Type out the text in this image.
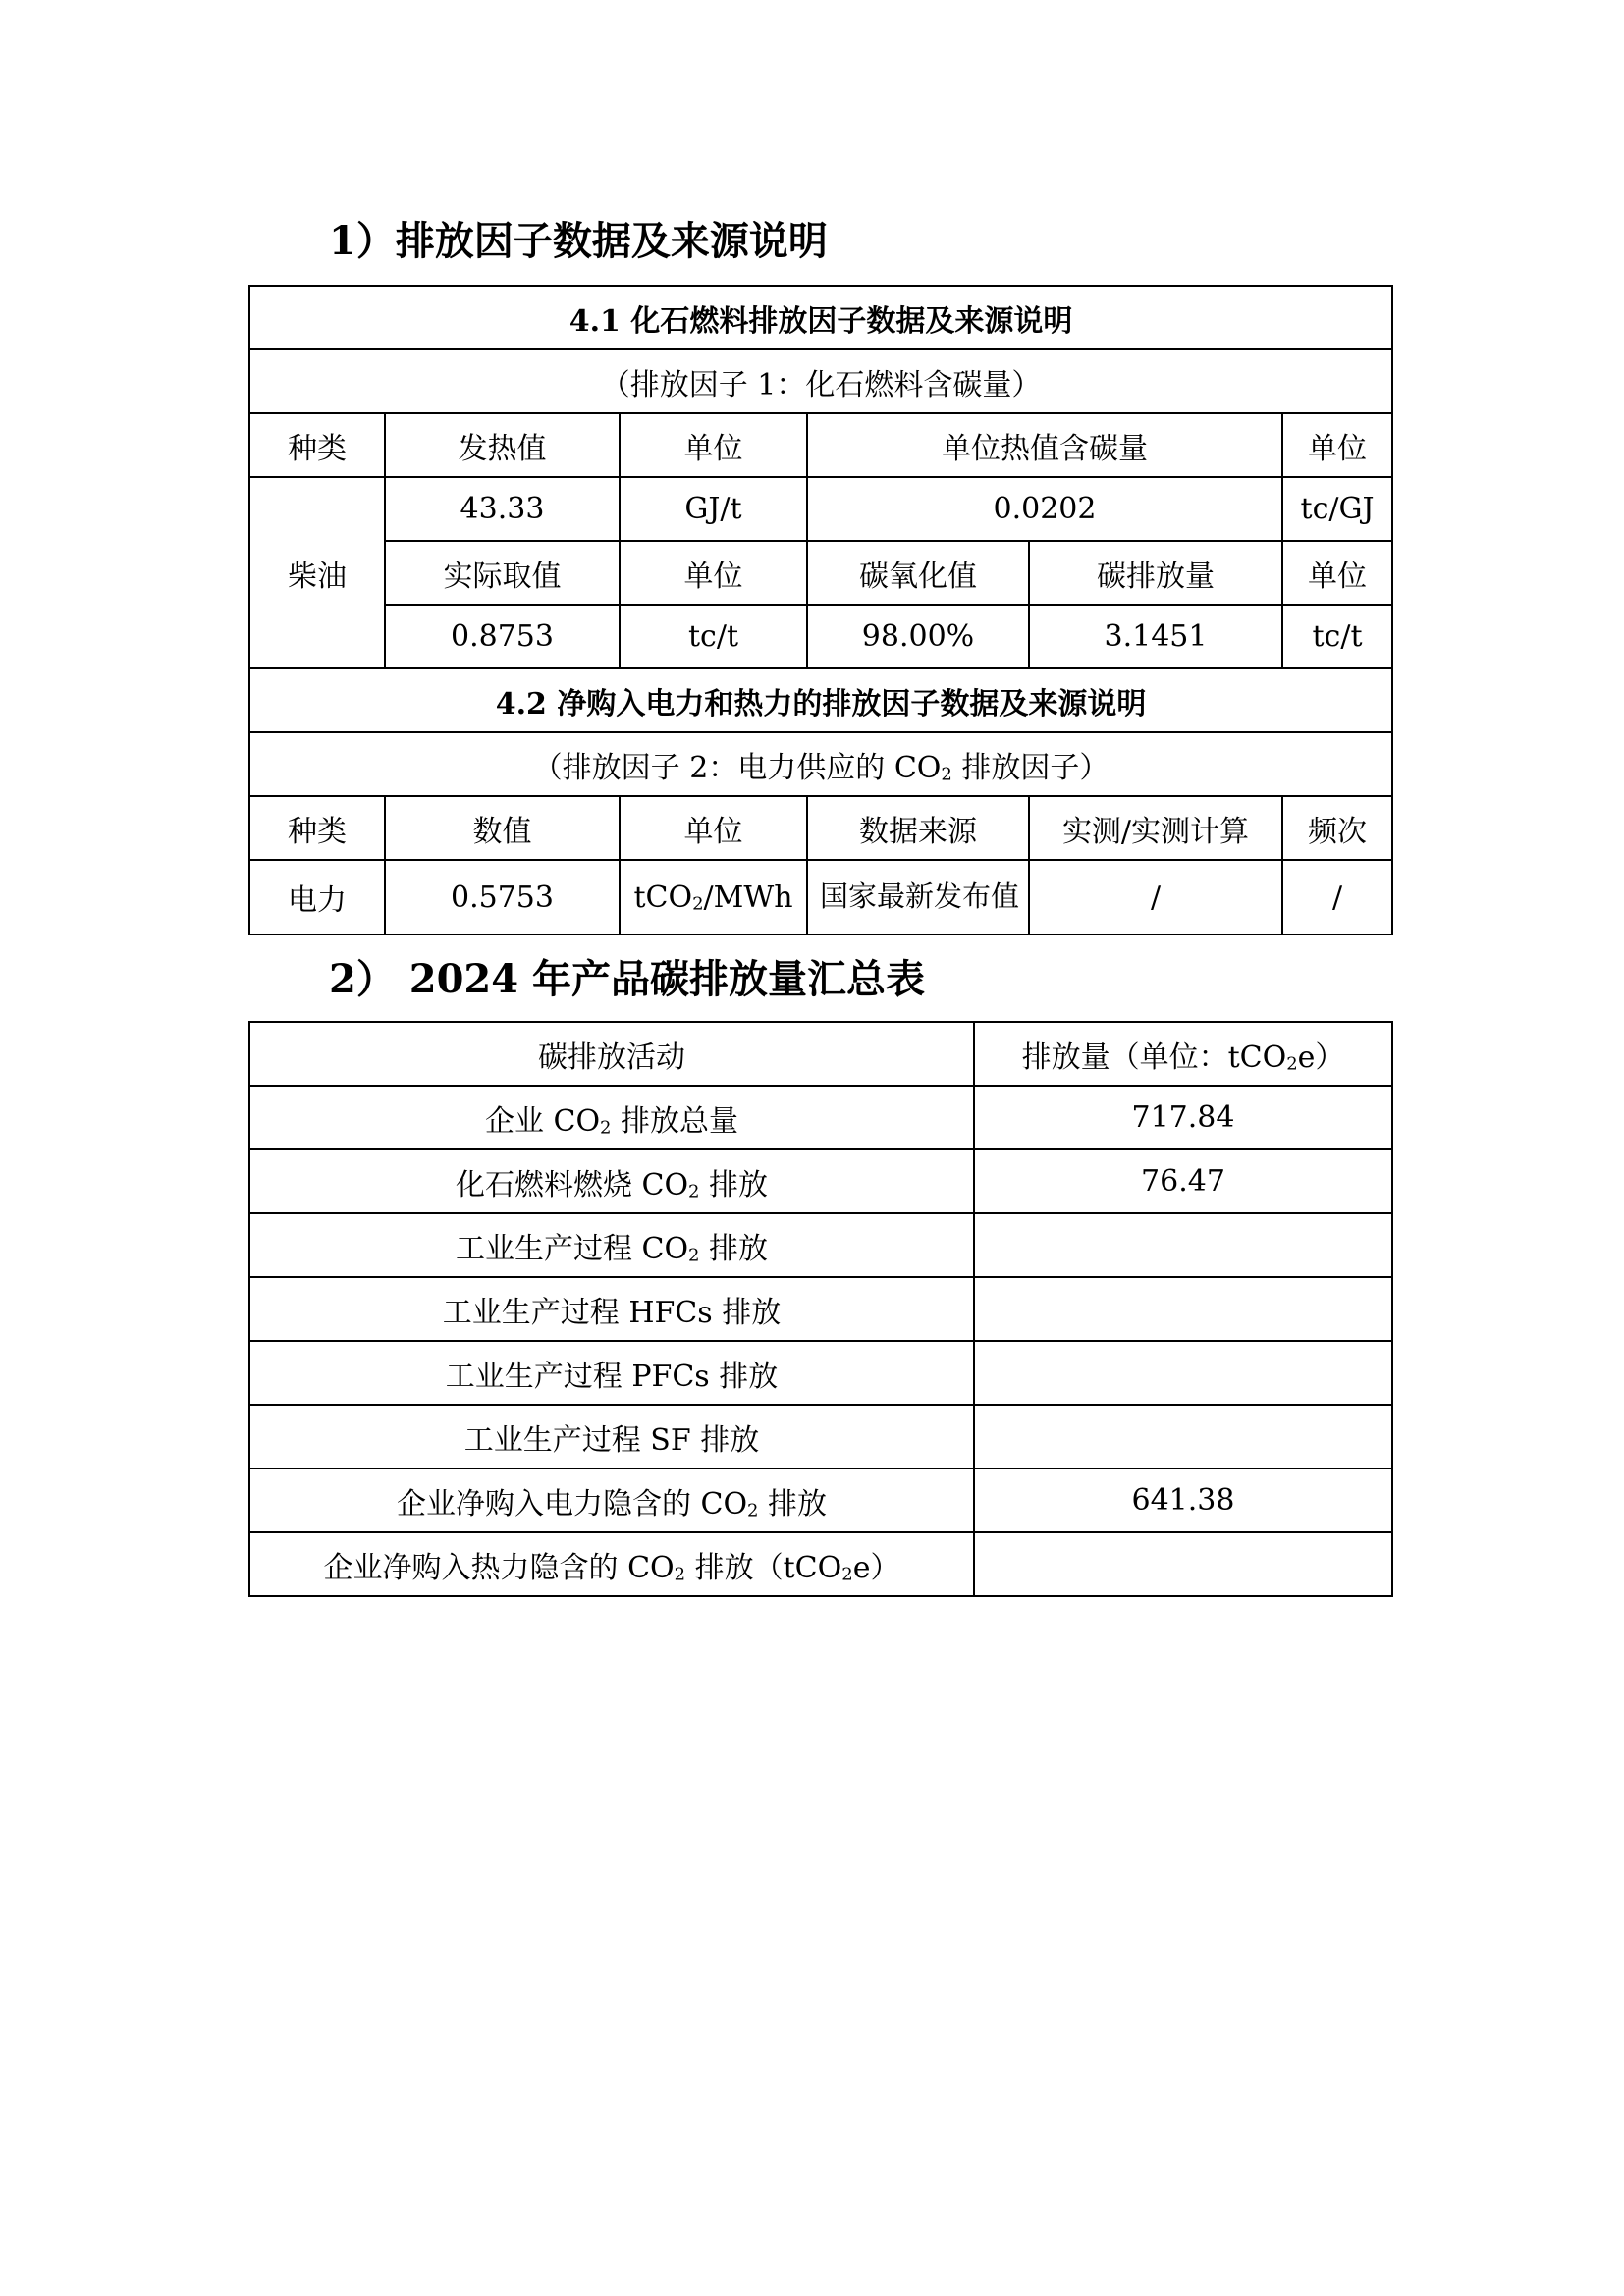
1）排放因子数据及来源说明
4.1 化石燃料排放因子数据及来源说明					
（排放因子 1：化石燃料含碳量）					
种类	发热值	单位	单位热值含碳量		单位
柴油	43.33	GJ/t	0.0202		tc/GJ
	实际取值	单位	碳氧化值	碳排放量	单位
	0.8753	tc/t	98.00%	3.1451	tc/t
4.2 净购入电力和热力的排放因子数据及来源说明					
（排放因子 2：电力供应的 $CO_2$ 排放因子）					
种类	数值	单位	数据来源	实测/实测计算	频次
电力	0.5753	tCO$_2$/MWh	国家最新发布值	/	/
2） 2024 年产品碳排放量汇总表
碳排放活动	排放量（单位：tCO$_2$e）
企业 $CO_2$ 排放总量	717.84
化石燃料燃烧 $CO_2$ 排放	76.47
工业生产过程 $CO_2$ 排放	
工业生产过程 HFCs 排放	
工业生产过程 PFCs 排放	
工业生产过程 SF 排放	
企业净购入电力隐含的 $CO_2$ 排放	641.38
企业净购入热力隐含的 $CO_2$ 排放（tCO$_2$e）	
